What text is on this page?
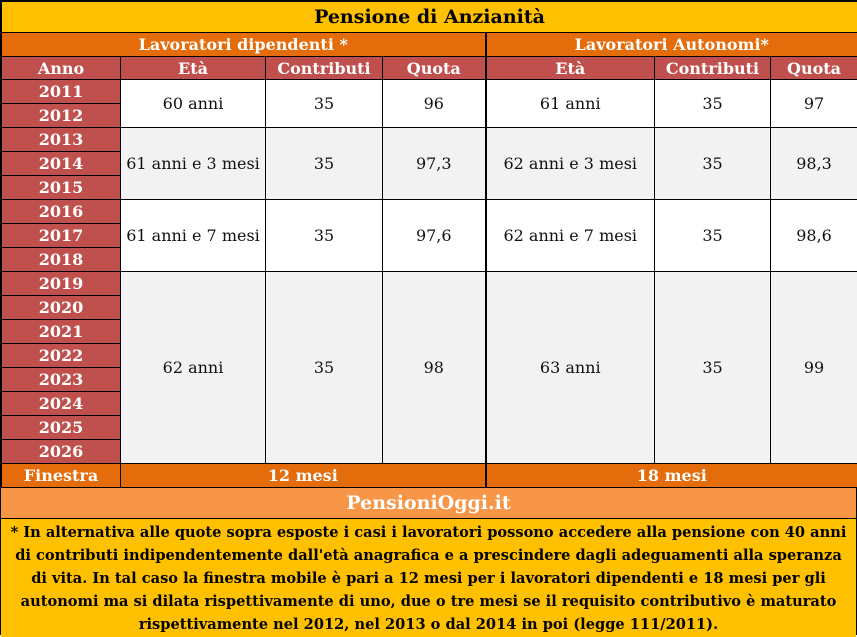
Pensione di Anzianità						
Lavoratori dipendenti *				Lavoratori Autonomi*		
Anno	Età	Contributi	Quota	Età	Contributi	Quota
2011	60 anni	35	96	61 anni	35	97
2012						
2013	61 anni e 3 mesi	35	97,3	62 anni e 3 mesi	35	98,3
2014						
2015						
2016	61 anni e 7 mesi	35	97,6	62 anni e 7 mesi	35	98,6
2017						
2018						
2019	62 anni	35	98	63 anni	35	99
2020						
2021						
2022						
2023						
2024						
2025						
2026						
Finestra	12 mesi			18 mesi		
PensioniOggi.it
* In alternativa alle quote sopra esposte i casi i lavoratori possono accedere alla pensione con 40 anni di contributi indipendentemente dall'età anagrafica e a prescindere dagli adeguamenti alla speranza di vita. In tal caso la finestra mobile è pari a 12 mesi per i lavoratori dipendenti e 18 mesi per gli autonomi ma si dilata rispettivamente di uno, due o tre mesi se il requisito contributivo è maturato rispettivamente nel 2012, nel 2013 o dal 2014 in poi (legge 111/2011).
